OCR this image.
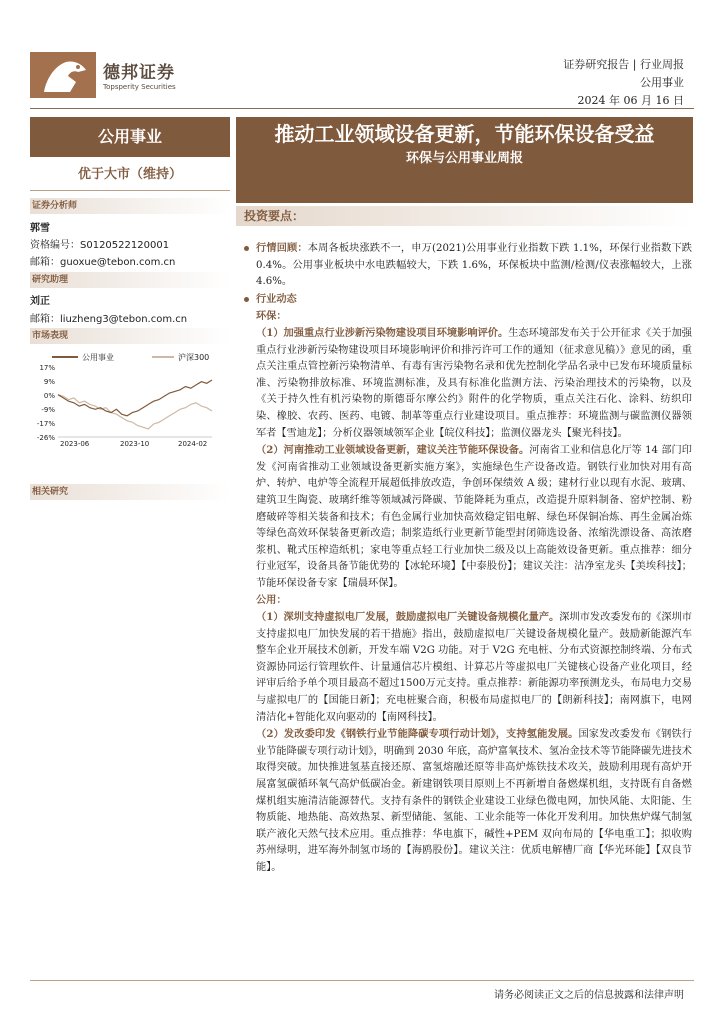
德邦证券
Topsperity Securities
证券研究报告 | 行业周报
公用事业
2024 年 06 月 16 日
公用事业
优于大市（维持）
证券分析师
郭雪
资格编号：S0120522120001
邮箱：guoxue@tebon.com.cn
研究助理
刘正
邮箱：liuzheng3@tebon.com.cn
市场表现
公用事业	沪深300
17%
9%
0%
-9%
-17%
-26%
2023-06	2023-10	2024-02
相关研究
推动工业领域设备更新，节能环保设备受益
环保与公用事业周报
投资要点：

行情回顾：本周各板块涨跌不一，申万(2021)公用事业行业指数下跌 1.1%，环保行业指数下跌 0.4%。公用事业板块中水电跌幅较大，下跌 1.6%，环保板块中监测/检测/仪表涨幅较大，上涨 4.6%。

行业动态

环保：

（1）加强重点行业涉新污染物建设项目环境影响评价。生态环境部发布关于公开征求《关于加强重点行业涉新污染物建设项目环境影响评价和排污许可工作的通知（征求意见稿）》意见的函，重点关注重点管控新污染物清单、有毒有害污染物名录和优先控制化学品名录中已发布环境质量标准、污染物排放标准、环境监测标准，及具有标准化监测方法、污染治理技术的污染物，以及《关于持久性有机污染物的斯德哥尔摩公约》附件的化学物质，重点关注石化、涂料、纺织印染、橡胶、农药、医药、电镀、制革等重点行业建设项目。重点推荐：环境监测与碳监测仪器领军者【雪迪龙】；分析仪器领域领军企业【皖仪科技】；监测仪器龙头【聚光科技】。

（2）河南推动工业领域设备更新，建议关注节能环保设备。河南省工业和信息化厅等 14 部门印发《河南省推动工业领域设备更新实施方案》，实施绿色生产设备改造。钢铁行业加快对用有高炉、转炉、电炉等全流程开展超低排放改造，争创环保绩效 A 级；建材行业以现有水泥、玻璃、建筑卫生陶瓷、玻璃纤维等领域减污降碳、节能降耗为重点，改造提升原料制备、窑炉控制、粉磨破碎等相关装备和技术；有色金属行业加快高效稳定铝电解、绿色环保铜冶炼、再生金属冶炼等绿色高效环保装备更新改造；制浆造纸行业更新节能型封闭筛选设备、浓缩洗漂设备、高浓磨浆机、靴式压榨造纸机；家电等重点轻工行业加快二级及以上高能效设备更新。重点推荐：细分行业冠军，设备具备节能优势的【冰轮环境】【中泰股份】；建议关注：洁净室龙头【美埃科技】；节能环保设备专家【瑞晨环保】。

公用：

（1）深圳支持虚拟电厂发展，鼓励虚拟电厂关键设备规模化量产。深圳市发改委发布的《深圳市支持虚拟电厂加快发展的若干措施》指出，鼓励虚拟电厂关键设备规模化量产。鼓励新能源汽车整车企业开展技术创新，开发车端 V2G 功能。对于 V2G 充电桩、分布式资源控制终端、分布式资源协同运行管理软件、计量通信芯片模组、计算芯片等虚拟电厂关键核心设备产业化项目，经评审后给予单个项目最高不超过1500万元支持。重点推荐：新能源功率预测龙头，布局电力交易与虚拟电厂的【国能日新】；充电桩聚合商，积极布局虚拟电厂的【朗新科技】；南网旗下，电网清洁化+智能化双向驱动的【南网科技】。

（2）发改委印发《钢铁行业节能降碳专项行动计划》，支持氢能发展。国家发改委发布《钢铁行业节能降碳专项行动计划》，明确到 2030 年底，高炉富氧技术、氢冶金技术等节能降碳先进技术取得突破。加快推进氢基直接还原、富氢熔融还原等非高炉炼铁技术攻关，鼓励利用现有高炉开展富氢碳循环氧气高炉低碳冶金。新建钢铁项目原则上不再新增自备燃煤机组，支持既有自备燃煤机组实施清洁能源替代。支持有条件的钢铁企业建设工业绿色微电网，加快风能、太阳能、生物质能、地热能、高效热泵、新型储能、氢能、工业余能等一体化开发利用。加快焦炉煤气制氢联产液化天然气技术应用。重点推荐：华电旗下，碱性+PEM 双向布局的【华电重工】；拟收购苏州绿明，进军海外制氢市场的【海鸥股份】。建议关注：优质电解槽厂商【华光环能】【双良节能】。

请务必阅读正文之后的信息披露和法律声明
